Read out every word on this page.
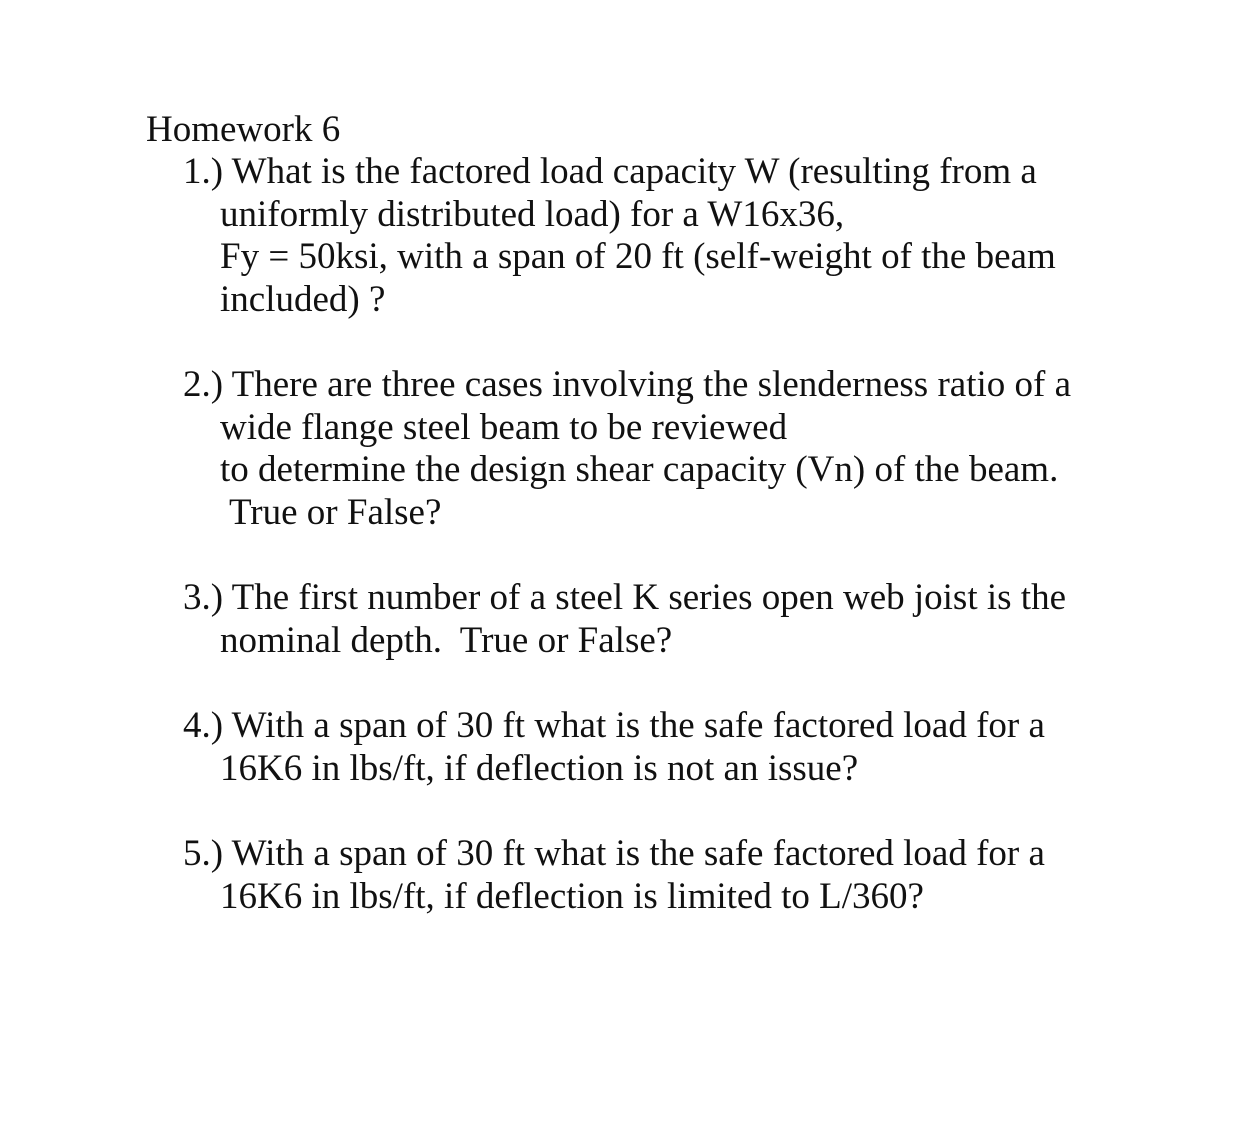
Homework 6
1.) What is the factored load capacity W (resulting from a
uniformly distributed load) for a W16x36,
Fy = 50ksi, with a span of 20 ft (self-weight of the beam
included) ?
2.) There are three cases involving the slenderness ratio of a
wide flange steel beam to be reviewed
to determine the design shear capacity (Vn) of the beam.
True or False?
3.) The first number of a steel K series open web joist is the
nominal depth.  True or False?
4.) With a span of 30 ft what is the safe factored load for a
16K6 in lbs/ft, if deflection is not an issue?
5.) With a span of 30 ft what is the safe factored load for a
16K6 in lbs/ft, if deflection is limited to L/360?
